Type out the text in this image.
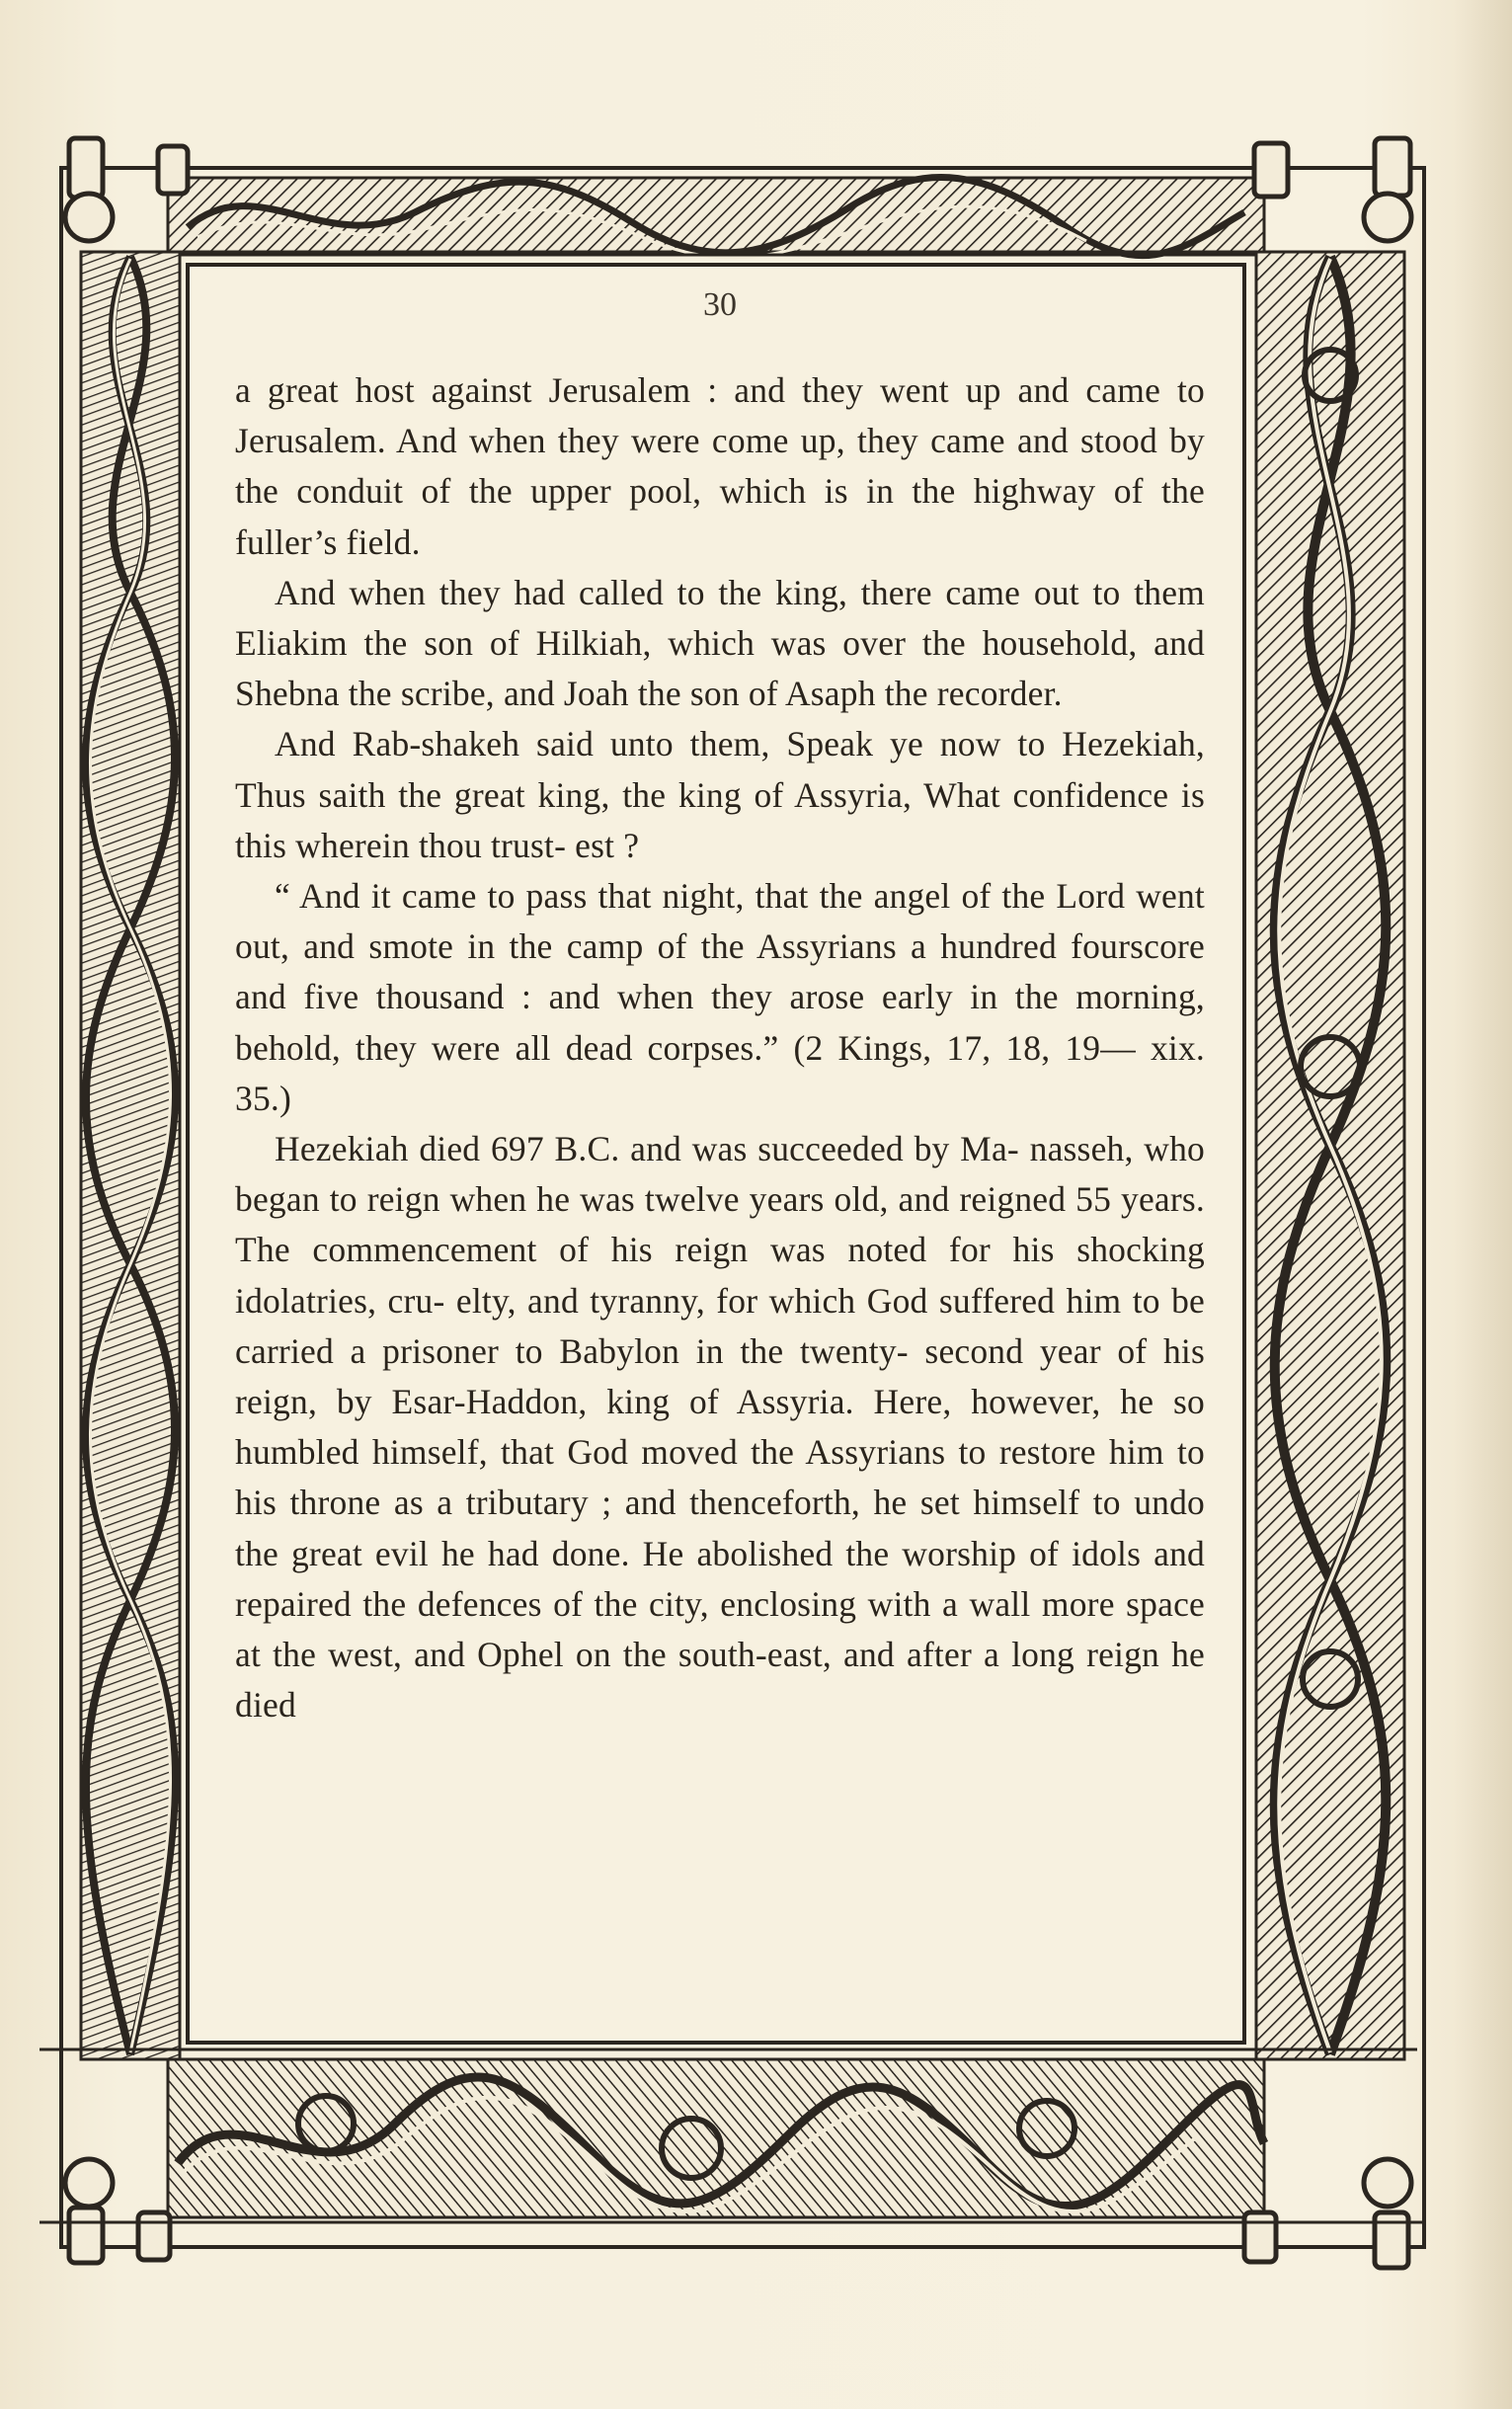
30

a great host against Jerusalem : and they went up and came to Jerusalem. And when they were come up, they came and stood by the conduit of the upper pool, which is in the highway of the fuller’s field.

And when they had called to the king, there came out to them Eliakim the son of Hilkiah, which was over the household, and Shebna the scribe, and Joah the son of Asaph the recorder.

And Rab-shakeh said unto them, Speak ye now to Hezekiah, Thus saith the great king, the king of Assyria, What confidence is this wherein thou trust- est ?

“ And it came to pass that night, that the angel of the Lord went out, and smote in the camp of the Assyrians a hundred fourscore and five thousand : and when they arose early in the morning, behold, they were all dead corpses.” (2 Kings, 17, 18, 19— xix. 35.)

Hezekiah died 697 B.C. and was succeeded by Ma- nasseh, who began to reign when he was twelve years old, and reigned 55 years. The commencement of his reign was noted for his shocking idolatries, cru- elty, and tyranny, for which God suffered him to be carried a prisoner to Babylon in the twenty- second year of his reign, by Esar-Haddon, king of Assyria. Here, however, he so humbled himself, that God moved the Assyrians to restore him to his throne as a tributary ; and thenceforth, he set himself to undo the great evil he had done. He abolished the worship of idols and repaired the defences of the city, enclosing with a wall more space at the west, and Ophel on the south-east, and after a long reign he died
